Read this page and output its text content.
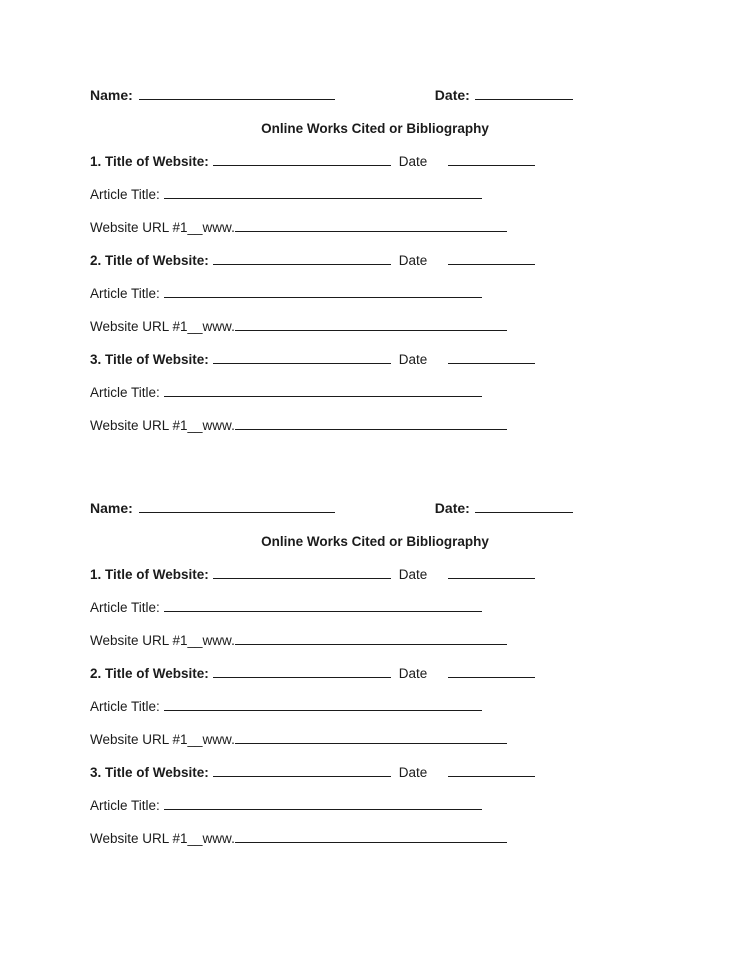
Name:	Date:
Online Works Cited or Bibliography
1. Title of Website:	Date
Article Title:
Website URL #1__www.
2. Title of Website:	Date
Article Title:
Website URL #1__www.
3. Title of Website:	Date
Article Title:
Website URL #1__www.
Name:	Date:
Online Works Cited or Bibliography
1. Title of Website:	Date
Article Title:
Website URL #1__www.
2. Title of Website:	Date
Article Title:
Website URL #1__www.
3. Title of Website:	Date
Article Title:
Website URL #1__www.
